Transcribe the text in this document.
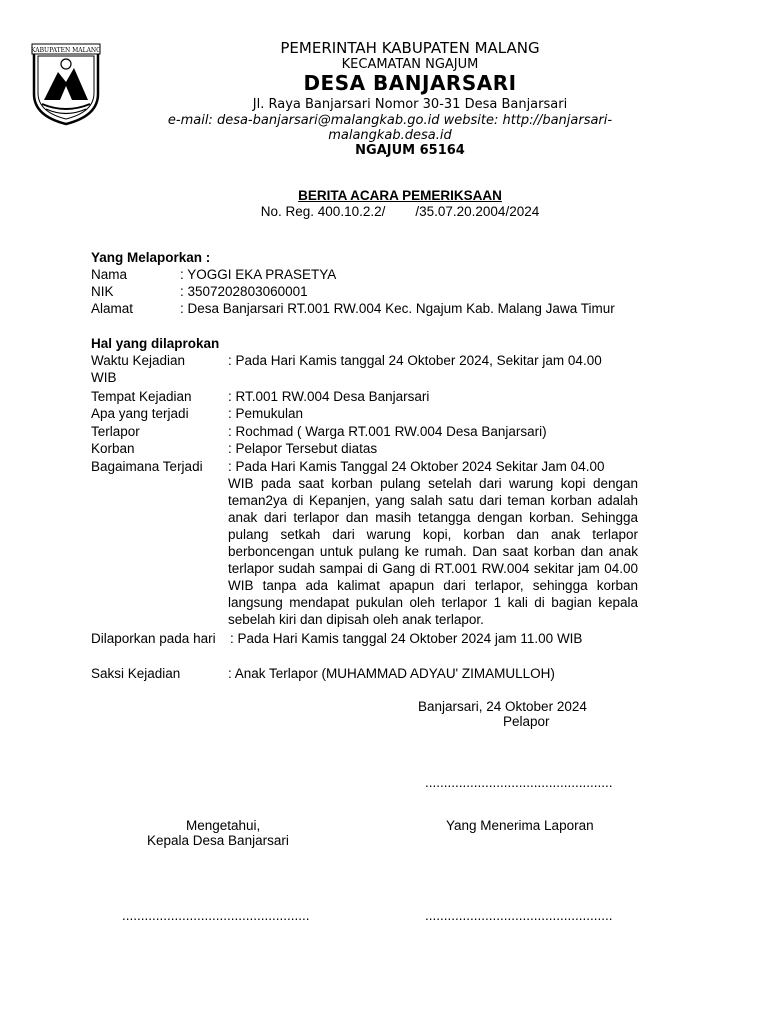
KABUPATEN MALANG	PEMERINTAH KABUPATEN MALANG
KECAMATAN NGAJUM
DESA BANJARSARI
Jl. Raya Banjarsari Nomor 30-31 Desa Banjarsari
e-mail: desa-banjarsari@malangkab.go.id website: http://banjarsari-malangkab.desa.id
NGAJUM 65164
BERITA ACARA PEMERIKSAAN
No. Reg. 400.10.2.2/        /35.07.20.2004/2024
Yang Melaporkan :
Nama	: YOGGI EKA PRASETYA
NIK	: 3507202803060001
Alamat	: Desa Banjarsari RT.001 RW.004 Kec. Ngajum Kab. Malang Jawa Timur
Hal yang dilaprokan
Waktu Kejadian	: Pada Hari Kamis tanggal 24 Oktober 2024, Sekitar jam 04.00
WIB
Tempat Kejadian	: RT.001 RW.004 Desa Banjarsari
Apa yang terjadi	: Pemukulan
Terlapor	: Rochmad ( Warga RT.001 RW.004 Desa Banjarsari)
Korban	: Pelapor Tersebut diatas
Bagaimana Terjadi : Pada Hari Kamis Tanggal 24 Oktober 2024 Sekitar Jam 04.00
WIB pada saat korban pulang setelah dari warung kopi dengan teman2ya di Kepanjen, yang salah satu dari teman korban adalah anak dari terlapor dan masih tetangga dengan korban. Sehingga pulang setkah dari warung kopi, korban dan anak terlapor berboncengan untuk pulang ke rumah. Dan saat korban dan anak terlapor sudah sampai di Gang di RT.001 RW.004 sekitar jam 04.00 WIB tanpa ada kalimat apapun dari terlapor, sehingga korban langsung mendapat pukulan oleh terlapor 1 kali di bagian kepala sebelah kiri dan dipisah oleh anak terlapor.
Dilaporkan pada hari : Pada Hari Kamis tanggal 24 Oktober 2024 jam 11.00 WIB
Saksi Kejadian	: Anak Terlapor (MUHAMMAD ADYAU' ZIMAMULLOH)
Banjarsari, 24 Oktober 2024
Pelapor
..................................................
Mengetahui,
Kepala Desa Banjarsari
Yang Menerima Laporan
..................................................	..................................................
